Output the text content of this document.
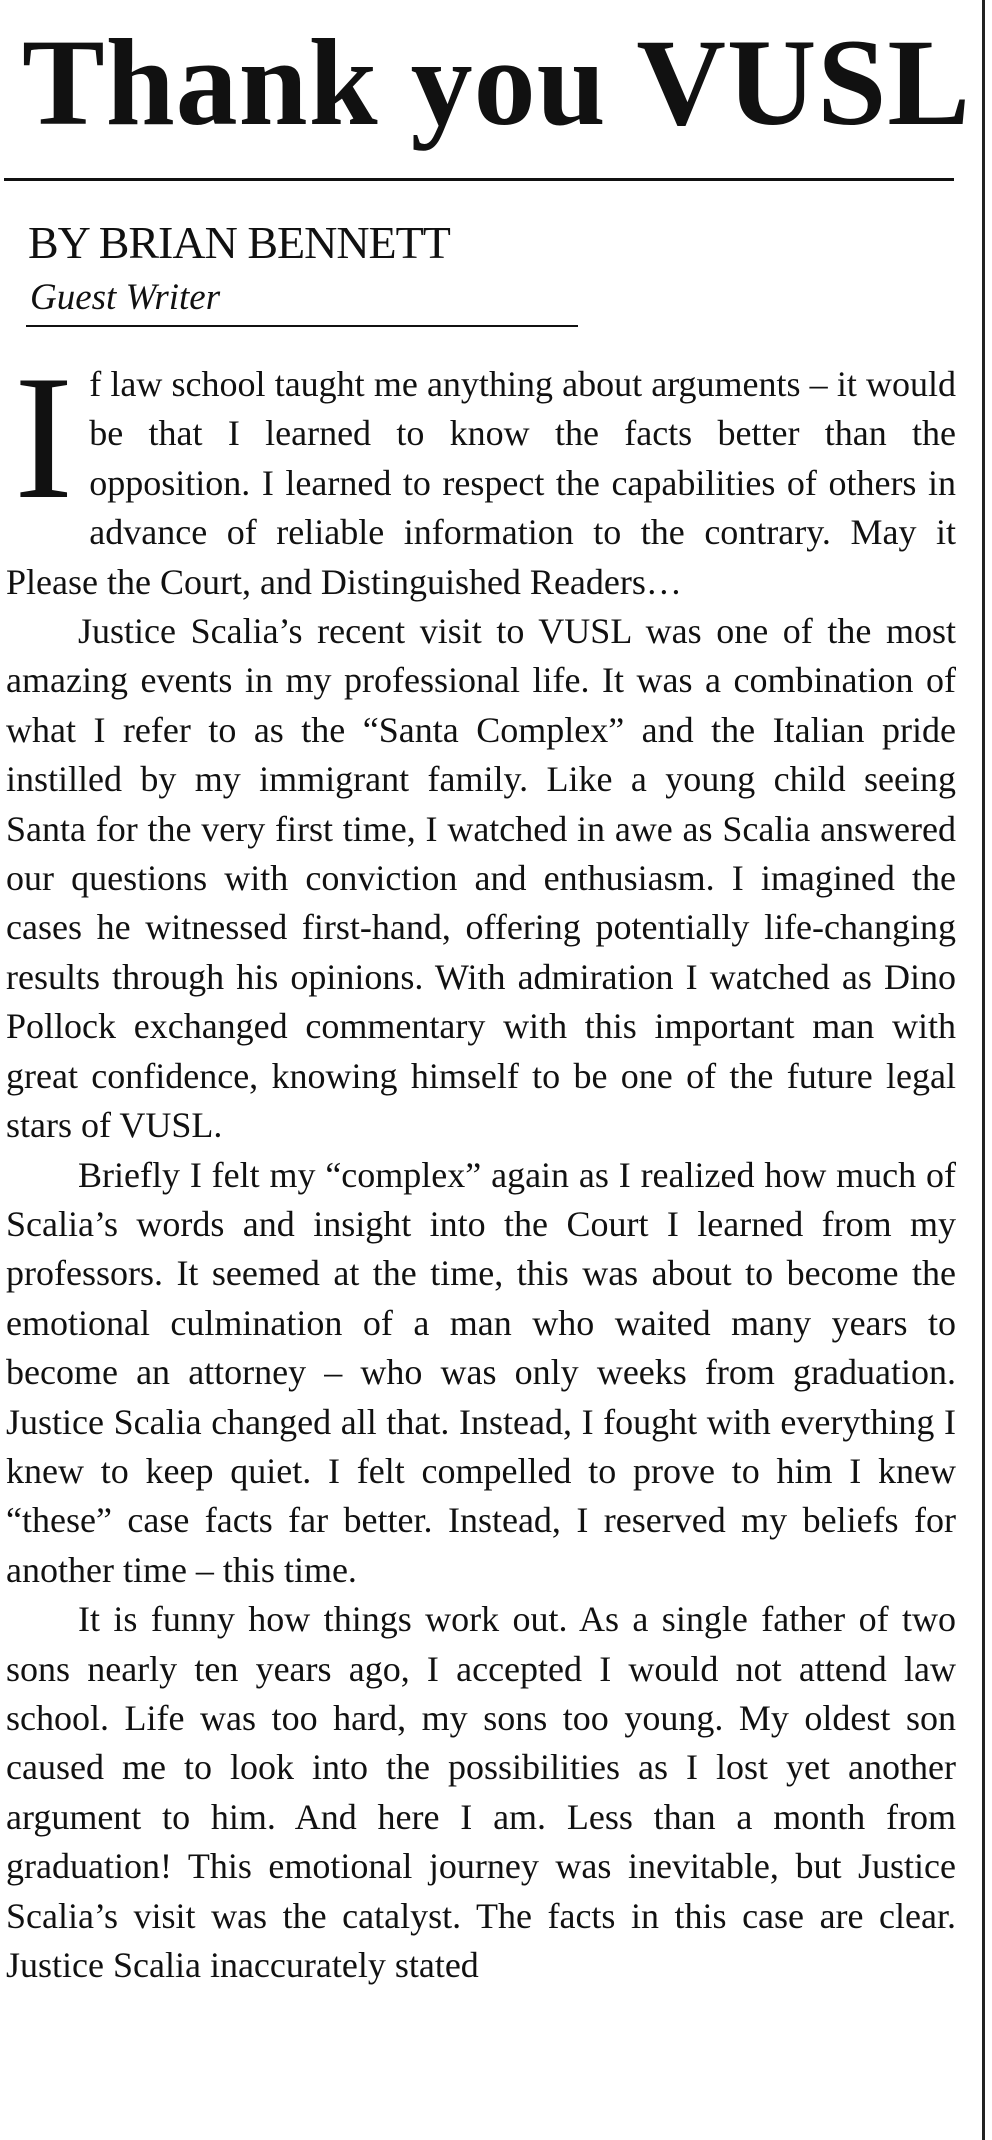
Thank you VUSL
BY BRIAN BENNETT
Guest Writer

If law school taught me anything about arguments – it would be that I learned to know the facts better than the opposition. I learned to respect the capabilities of others in advance of reliable information to the contrary. May it Please the Court, and Distinguished Readers…

Justice Scalia’s recent visit to VUSL was one of the most amazing events in my professional life. It was a combination of what I refer to as the “Santa Complex” and the Italian pride instilled by my immigrant family. Like a young child seeing Santa for the very first time, I watched in awe as Scalia answered our questions with conviction and enthusiasm. I imagined the cases he witnessed first-hand, offering potentially life-changing results through his opinions. With admiration I watched as Dino Pollock exchanged commentary with this important man with great confidence, knowing himself to be one of the future legal stars of VUSL.

Briefly I felt my “complex” again as I realized how much of Scalia’s words and insight into the Court I learned from my professors. It seemed at the time, this was about to become the emotional culmination of a man who waited many years to become an attorney – who was only weeks from graduation. Justice Scalia changed all that. Instead, I fought with everything I knew to keep quiet. I felt compelled to prove to him I knew “these” case facts far better. Instead, I reserved my beliefs for another time – this time.

It is funny how things work out. As a single father of two sons nearly ten years ago, I accepted I would not attend law school. Life was too hard, my sons too young. My oldest son caused me to look into the possibilities as I lost yet another argument to him. And here I am. Less than a month from graduation! This emotional journey was inevitable, but Justice Scalia’s visit was the catalyst. The facts in this case are clear. Justice Scalia inaccurately stated
